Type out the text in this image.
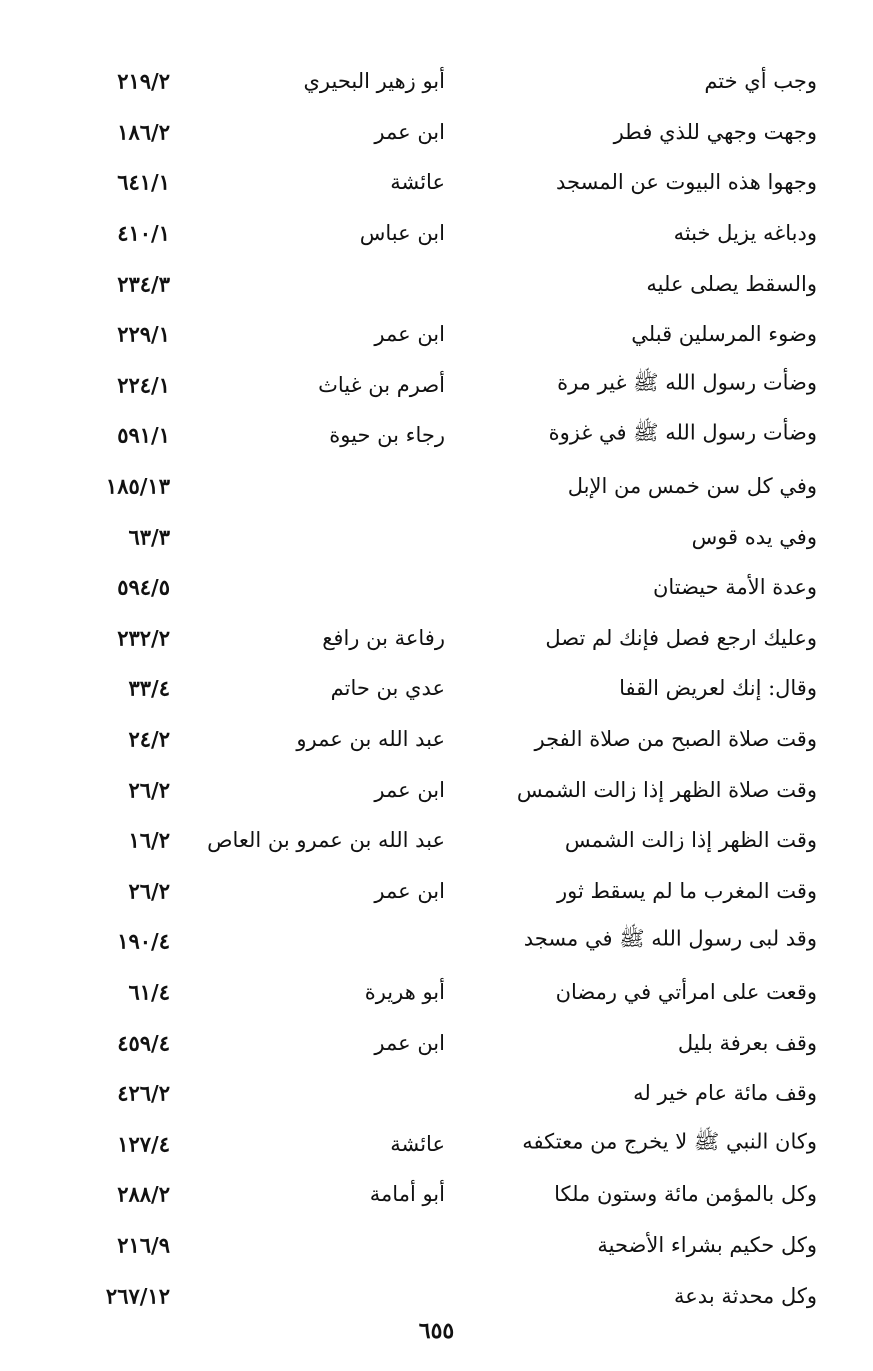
وجب أي ختم
أبو زهير البحيري
٢١٩/٢
وجهت وجهي للذي فطر
ابن عمر
١٨٦/٢
وجهوا هذه البيوت عن المسجد
عائشة
٦٤١/١
ودباغه يزيل خبثه
ابن عباس
٤١٠/١
والسقط يصلى عليه
٢٣٤/٣
وضوء المرسلين قبلي
ابن عمر
٢٢٩/١
وضأت رسول الله ﷺ غير مرة
أصرم بن غياث
٢٢٤/١
وضأت رسول الله ﷺ في غزوة
رجاء بن حيوة
٥٩١/١
وفي كل سن خمس من الإبل
١٨٥/١٣
وفي يده قوس
٦٣/٣
وعدة الأمة حيضتان
٥٩٤/٥
وعليك ارجع فصل فإنك لم تصل
رفاعة بن رافع
٢٣٢/٢
وقال: إنك لعريض القفا
عدي بن حاتم
٣٣/٤
وقت صلاة الصبح من صلاة الفجر
عبد الله بن عمرو
٢٤/٢
وقت صلاة الظهر إذا زالت الشمس
ابن عمر
٢٦/٢
وقت الظهر إذا زالت الشمس
عبد الله بن عمرو بن العاص
١٦/٢
وقت المغرب ما لم يسقط ثور
ابن عمر
٢٦/٢
وقد لبى رسول الله ﷺ في مسجد
١٩٠/٤
وقعت على امرأتي في رمضان
أبو هريرة
٦١/٤
وقف بعرفة بليل
ابن عمر
٤٥٩/٤
وقف مائة عام خير له
٤٢٦/٢
وكان النبي ﷺ لا يخرج من معتكفه
عائشة
١٢٧/٤
وكل بالمؤمن مائة وستون ملكا
أبو أمامة
٢٨٨/٢
وكل حكيم بشراء الأضحية
٢١٦/٩
وكل محدثة بدعة
٢٦٧/١٢
٦٥٥
